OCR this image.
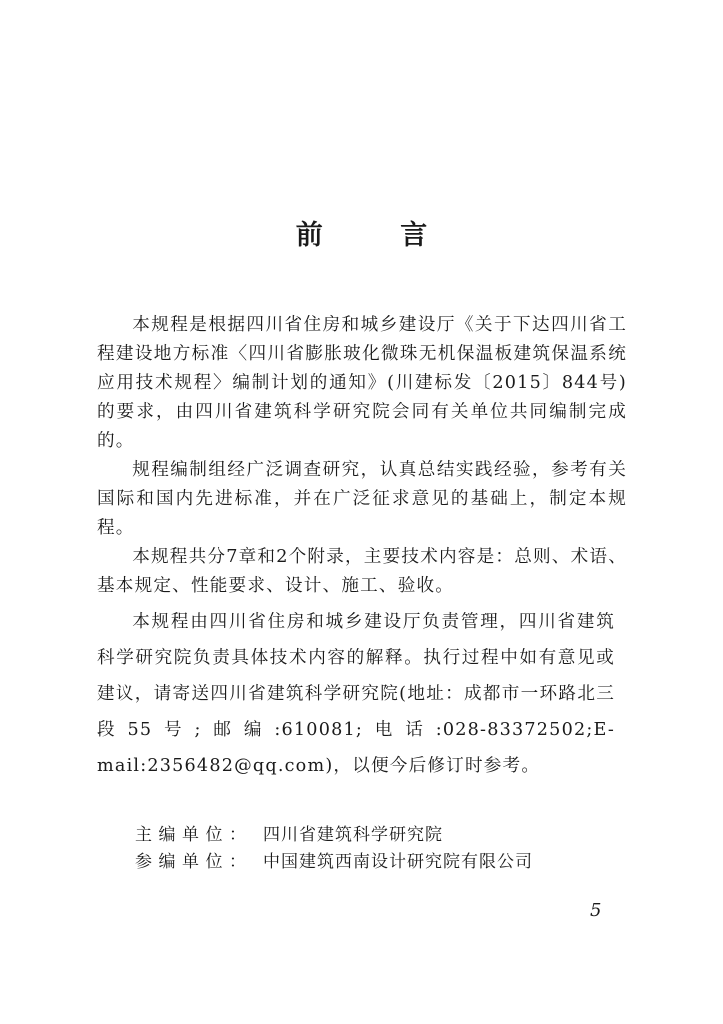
前 言

本规程是根据四川省住房和城乡建设厅《关于下达四川省工程建设地方标准〈四川省膨胀玻化微珠无机保温板建筑保温系统应用技术规程〉编制计划的通知》(川建标发〔2015〕844号)的要求，由四川省建筑科学研究院会同有关单位共同编制完成的。

规程编制组经广泛调查研究，认真总结实践经验，参考有关国际和国内先进标准，并在广泛征求意见的基础上，制定本规程。

本规程共分7章和2个附录，主要技术内容是：总则、术语、基本规定、性能要求、设计、施工、验收。

本规程由四川省住房和城乡建设厅负责管理，四川省建筑科学研究院负责具体技术内容的解释。执行过程中如有意见或建议，请寄送四川省建筑科学研究院(地址：成都市一环路北三段55号;邮编:610081;电话:028-83372502;E-mail:2356482@qq.com)，以便今后修订时参考。

主编单位： 四川省建筑科学研究院
参编单位： 中国建筑西南设计研究院有限公司
5
